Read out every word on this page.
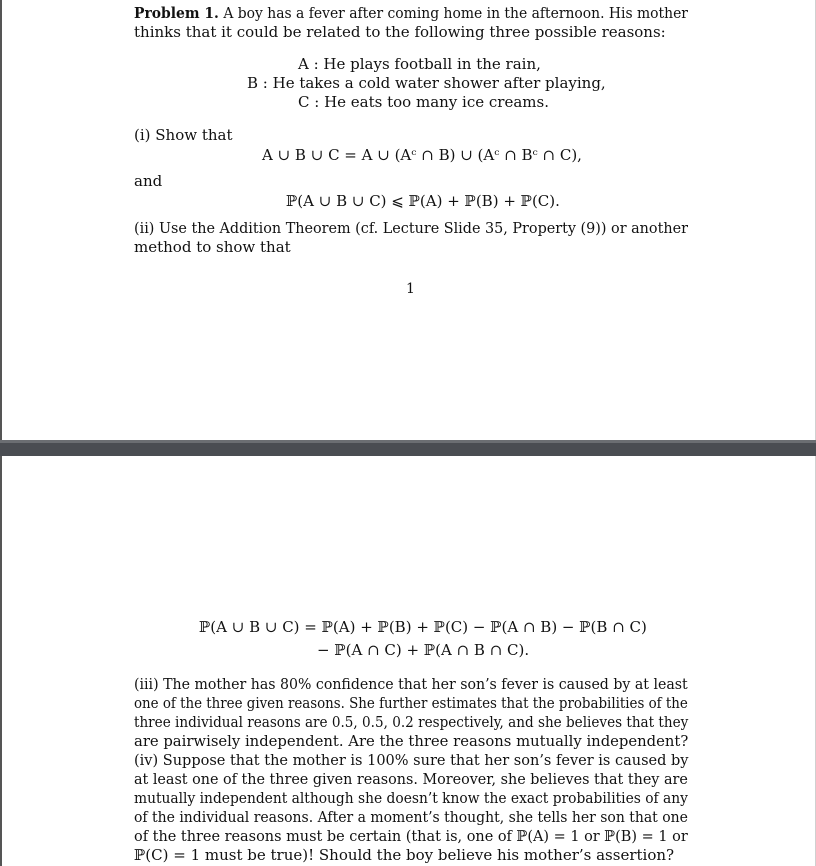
Problem 1. A boy has a fever after coming home in the afternoon. His mother

thinks that it could be related to the following three possible reasons:

A : He plays football in the rain,

B : He takes a cold water shower after playing,

C : He eats too many ice creams.

(i) Show that

A ∪ B ∪ C = A ∪ (Aᶜ ∩ B) ∪ (Aᶜ ∩ Bᶜ ∩ C),

and

ℙ(A ∪ B ∪ C) ⩽ ℙ(A) + ℙ(B) + ℙ(C).

(ii) Use the Addition Theorem (cf. Lecture Slide 35, Property (9)) or another

method to show that

1

ℙ(A ∪ B ∪ C) = ℙ(A) + ℙ(B) + ℙ(C) − ℙ(A ∩ B) − ℙ(B ∩ C)

− ℙ(A ∩ C) + ℙ(A ∩ B ∩ C).

(iii) The mother has 80% confidence that her son’s fever is caused by at least

one of the three given reasons. She further estimates that the probabilities of the

three individual reasons are 0.5, 0.5, 0.2 respectively, and she believes that they

are pairwisely independent. Are the three reasons mutually independent?

(iv) Suppose that the mother is 100% sure that her son’s fever is caused by

at least one of the three given reasons. Moreover, she believes that they are

mutually independent although she doesn’t know the exact probabilities of any

of the individual reasons. After a moment’s thought, she tells her son that one

of the three reasons must be certain (that is, one of ℙ(A) = 1 or ℙ(B) = 1 or

ℙ(C) = 1 must be true)! Should the boy believe his mother’s assertion?
